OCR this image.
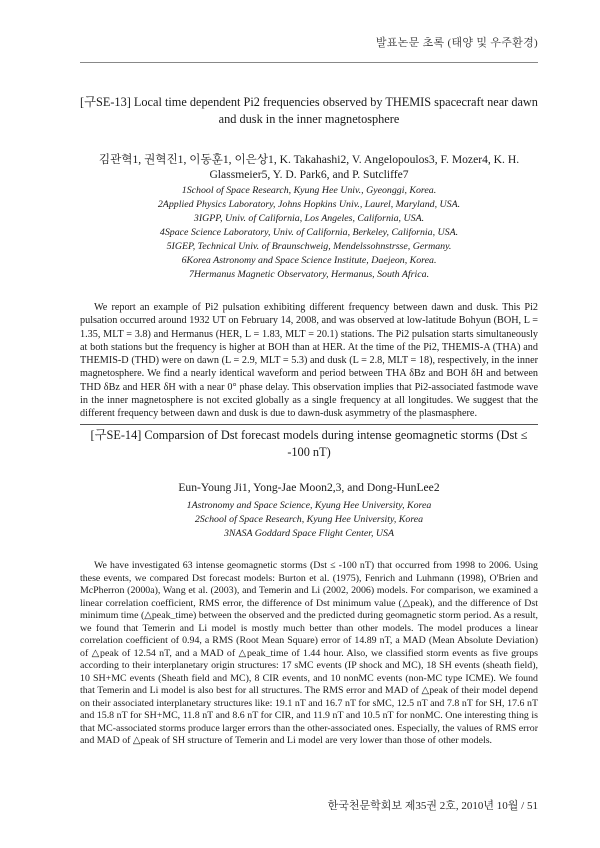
발표논문 초록 (태양 및 우주환경)

[구SE-13] Local time dependent Pi2 frequencies observed by THEMIS spacecraft near dawn and dusk in the inner magnetosphere

김관혁1, 권혁진1, 이동훈1, 이은상1, K. Takahashi2, V. Angelopoulos3, F. Mozer4, K. H. Glassmeier5, Y. D. Park6, and P. Sutcliffe7

1School of Space Research, Kyung Hee Univ., Gyeonggi, Korea.

2Applied Physics Laboratory, Johns Hopkins Univ., Laurel, Maryland, USA.

3IGPP, Univ. of California, Los Angeles, California, USA.

4Space Science Laboratory, Univ. of California, Berkeley, California, USA.

5IGEP, Technical Univ. of Braunschweig, Mendelssohnstrsse, Germany.

6Korea Astronomy and Space Science Institute, Daejeon, Korea.

7Hermanus Magnetic Observatory, Hermanus, South Africa.

We report an example of Pi2 pulsation exhibiting different frequency between dawn and dusk. This Pi2 pulsation occurred around 1932 UT on February 14, 2008, and was observed at low-latitude Bohyun (BOH, L = 1.35, MLT = 3.8) and Hermanus (HER, L = 1.83, MLT = 20.1) stations. The Pi2 pulsation starts simultaneously at both stations but the frequency is higher at BOH than at HER. At the time of the Pi2, THEMIS-A (THA) and THEMIS-D (THD) were on dawn (L = 2.9, MLT = 5.3) and dusk (L = 2.8, MLT = 18), respectively, in the inner magnetosphere. We find a nearly identical waveform and period between THA δBz and BOH δH and between THD δBz and HER δH with a near 0° phase delay. This observation implies that Pi2-associated fastmode wave in the inner magnetosphere is not excited globally as a single frequency at all longitudes. We suggest that the different frequency between dawn and dusk is due to dawn-dusk asymmetry of the plasmasphere.

[구SE-14] Comparsion of Dst forecast models during intense geomagnetic storms (Dst ≤ -100 nT)

Eun-Young Ji1, Yong-Jae Moon2,3, and Dong-HunLee2

1Astronomy and Space Science, Kyung Hee University, Korea

2School of Space Research, Kyung Hee University, Korea

3NASA Goddard Space Flight Center, USA

We have investigated 63 intense geomagnetic storms (Dst ≤ -100 nT) that occurred from 1998 to 2006. Using these events, we compared Dst forecast models: Burton et al. (1975), Fenrich and Luhmann (1998), O'Brien and McPherron (2000a), Wang et al. (2003), and Temerin and Li (2002, 2006) models. For comparison, we examined a linear correlation coefficient, RMS error, the difference of Dst minimum value (△peak), and the difference of Dst minimum time (△peak_time) between the observed and the predicted during geomagnetic storm period. As a result, we found that Temerin and Li model is mostly much better than other models. The model produces a linear correlation coefficient of 0.94, a RMS (Root Mean Square) error of 14.89 nT, a MAD (Mean Absolute Deviation) of △peak of 12.54 nT, and a MAD of △peak_time of 1.44 hour. Also, we classified storm events as five groups according to their interplanetary origin structures: 17 sMC events (IP shock and MC), 18 SH events (sheath field), 10 SH+MC events (Sheath field and MC), 8 CIR events, and 10 nonMC events (non-MC type ICME). We found that Temerin and Li model is also best for all structures. The RMS error and MAD of △peak of their model depend on their associated interplanetary structures like: 19.1 nT and 16.7 nT for sMC, 12.5 nT and 7.8 nT for SH, 17.6 nT and 15.8 nT for SH+MC, 11.8 nT and 8.6 nT for CIR, and 11.9 nT and 10.5 nT for nonMC. One interesting thing is that MC-associated storms produce larger errors than the other-associated ones. Especially, the values of RMS error and MAD of △peak of SH structure of Temerin and Li model are very lower than those of other models.

한국천문학회보 제35권 2호, 2010년 10월 / 51
